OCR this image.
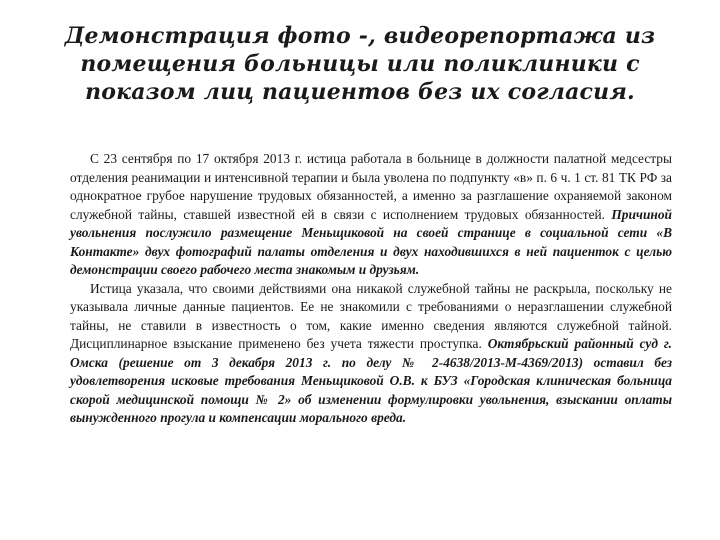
Демонстрация фото -, видеорепортажа из помещения больницы или поликлиники с показом лиц пациентов без их согласия.

С 23 сентября по 17 октября 2013 г. истица работала в больнице в должности палатной медсестры отделения реанимации и интенсивной терапии и была уволена по подпункту «в» п. 6 ч. 1 ст. 81 ТК РФ за однократное грубое нарушение трудовых обязанностей, а именно за разглашение охраняемой законом служебной тайны, ставшей известной ей в связи с исполнением трудовых обязанностей. Причиной увольнения послужило размещение Меньщиковой на своей странице в социальной сети «В Контакте» двух фотографий палаты отделения и двух находившихся в ней пациенток с целью демонстрации своего рабочего места знакомым и друзьям.

Истица указала, что своими действиями она никакой служебной тайны не раскрыла, поскольку не указывала личные данные пациентов. Ее не знакомили с требованиями о неразглашении служебной тайны, не ставили в известность о том, какие именно сведения являются служебной тайной. Дисциплинарное взыскание применено без учета тяжести проступка. Октябрьский районный суд г. Омска (решение от 3 декабря 2013 г. по делу № 2-4638/2013-М-4369/2013) оставил без удовлетворения исковые требования Меньщиковой О.В. к БУЗ «Городская клиническая больница скорой медицинской помощи № 2» об изменении формулировки увольнения, взыскании оплаты вынужденного прогула и компенсации морального вреда.
